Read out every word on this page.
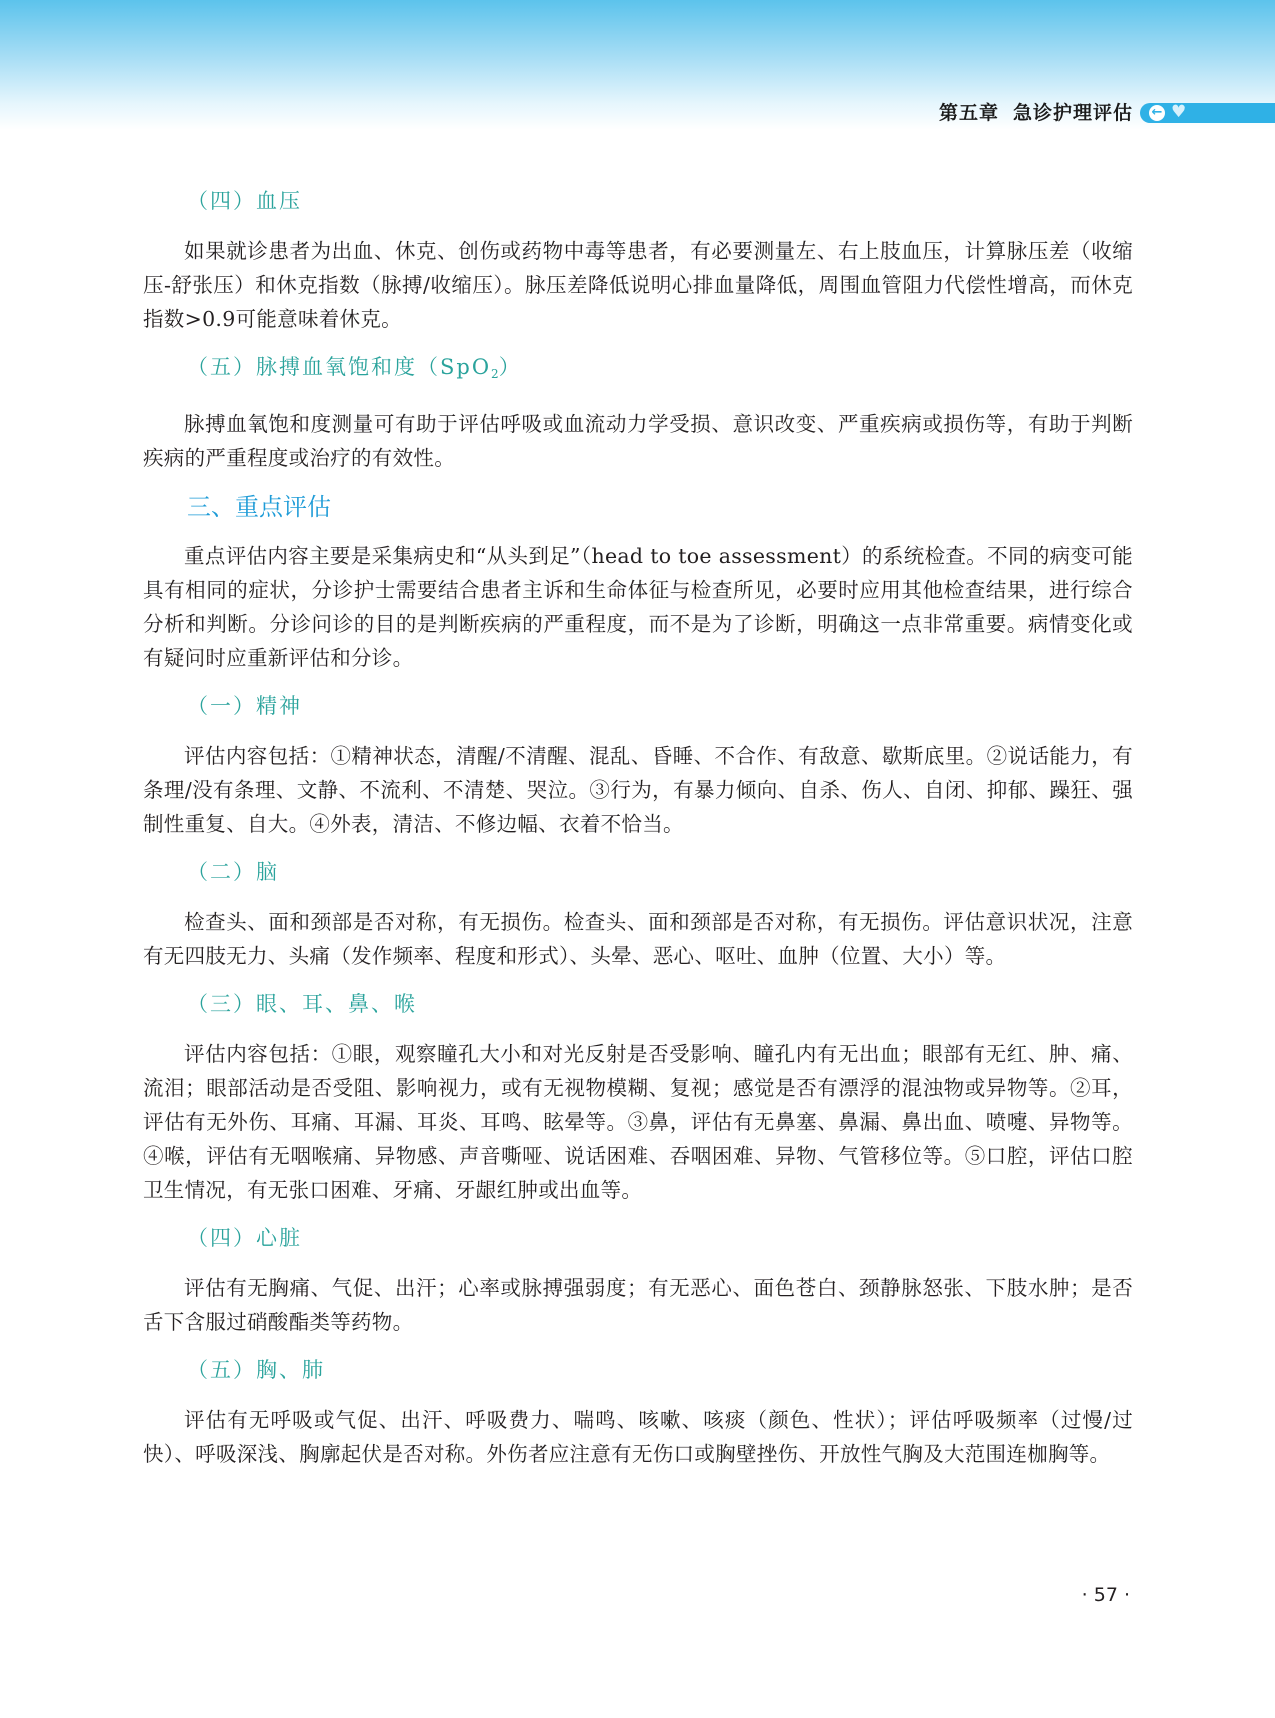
第五章 急诊护理评估 ← ♥
（四）血压
如果就诊患者为出血、休克、创伤或药物中毒等患者，有必要测量左、右上肢血压，计算脉压差（收缩压-舒张压）和休克指数（脉搏/收缩压）。脉压差降低说明心排血量降低，周围血管阻力代偿性增高，而休克指数>0.9可能意味着休克。
（五）脉搏血氧饱和度（SpO$_2$）
脉搏血氧饱和度测量可有助于评估呼吸或血流动力学受损、意识改变、严重疾病或损伤等，有助于判断疾病的严重程度或治疗的有效性。
三、重点评估
重点评估内容主要是采集病史和“从头到足”（head to toe assessment）的系统检查。不同的病变可能具有相同的症状，分诊护士需要结合患者主诉和生命体征与检查所见，必要时应用其他检查结果，进行综合分析和判断。分诊问诊的目的是判断疾病的严重程度，而不是为了诊断，明确这一点非常重要。病情变化或有疑问时应重新评估和分诊。
（一）精神
评估内容包括：①精神状态，清醒/不清醒、混乱、昏睡、不合作、有敌意、歇斯底里。②说话能力，有条理/没有条理、文静、不流利、不清楚、哭泣。③行为，有暴力倾向、自杀、伤人、自闭、抑郁、躁狂、强制性重复、自大。④外表，清洁、不修边幅、衣着不恰当。
（二）脑
检查头、面和颈部是否对称，有无损伤。检查头、面和颈部是否对称，有无损伤。评估意识状况，注意有无四肢无力、头痛（发作频率、程度和形式）、头晕、恶心、呕吐、血肿（位置、大小）等。
（三）眼、耳、鼻、喉
评估内容包括：①眼，观察瞳孔大小和对光反射是否受影响、瞳孔内有无出血；眼部有无红、肿、痛、流泪；眼部活动是否受阻、影响视力，或有无视物模糊、复视；感觉是否有漂浮的混浊物或异物等。②耳，评估有无外伤、耳痛、耳漏、耳炎、耳鸣、眩晕等。③鼻，评估有无鼻塞、鼻漏、鼻出血、喷嚏、异物等。④喉，评估有无咽喉痛、异物感、声音嘶哑、说话困难、吞咽困难、异物、气管移位等。⑤口腔，评估口腔卫生情况，有无张口困难、牙痛、牙龈红肿或出血等。
（四）心脏
评估有无胸痛、气促、出汗；心率或脉搏强弱度；有无恶心、面色苍白、颈静脉怒张、下肢水肿；是否舌下含服过硝酸酯类等药物。
（五）胸、肺
评估有无呼吸或气促、出汗、呼吸费力、喘鸣、咳嗽、咳痰（颜色、性状）；评估呼吸频率（过慢/过快）、呼吸深浅、胸廓起伏是否对称。外伤者应注意有无伤口或胸壁挫伤、开放性气胸及大范围连枷胸等。
· 57 ·
